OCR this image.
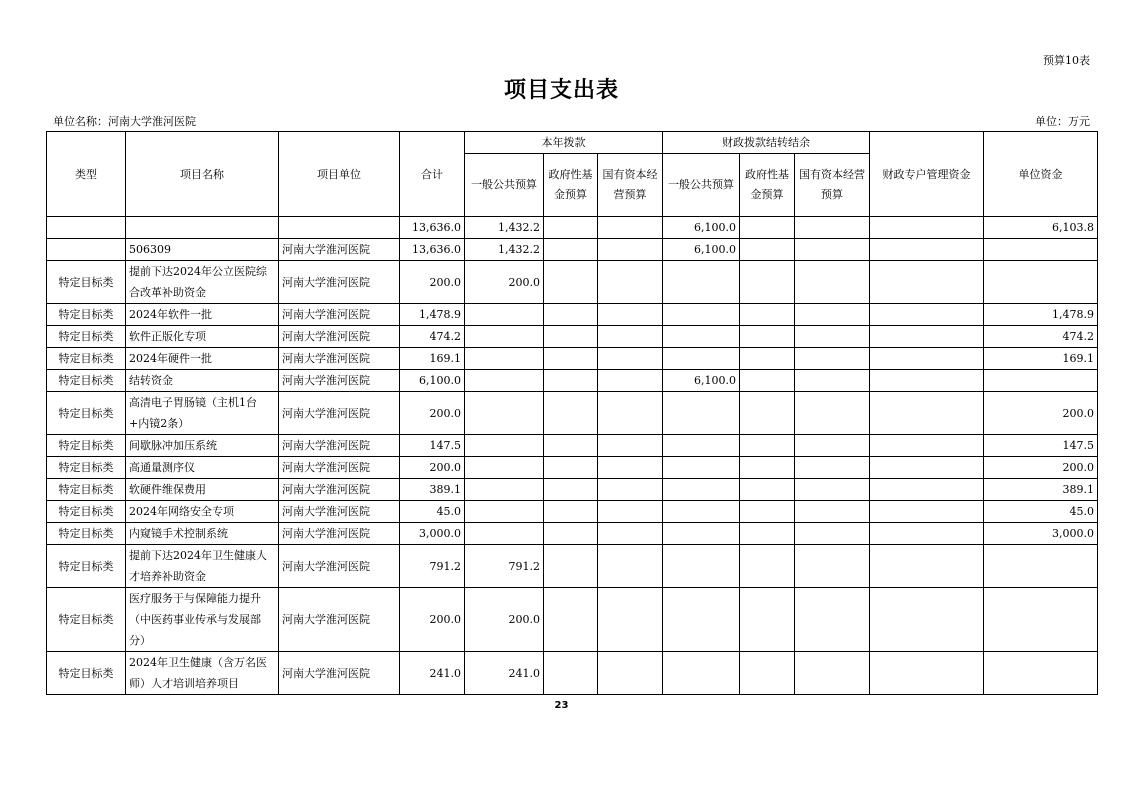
预算10表
项目支出表
单位名称：河南大学淮河医院	单位：万元
类型	项目名称	项目单位	合计	本年拨款			财政拨款结转结余			财政专户管理资金	单位资金
				一般公共预算	政府性基金预算	国有资本经营预算	一般公共预算	政府性基金预算	国有资本经营预算		
			13,636.0	1,432.2			6,100.0				6,103.8
	506309	河南大学淮河医院	13,636.0	1,432.2			6,100.0				
特定目标类	提前下达2024年公立医院综合改革补助资金	河南大学淮河医院	200.0	200.0							
特定目标类	2024年软件一批	河南大学淮河医院	1,478.9								1,478.9
特定目标类	软件正版化专项	河南大学淮河医院	474.2								474.2
特定目标类	2024年硬件一批	河南大学淮河医院	169.1								169.1
特定目标类	结转资金	河南大学淮河医院	6,100.0				6,100.0				
特定目标类	高清电子胃肠镜（主机1台+内镜2条）	河南大学淮河医院	200.0								200.0
特定目标类	间歇脉冲加压系统	河南大学淮河医院	147.5								147.5
特定目标类	高通量测序仪	河南大学淮河医院	200.0								200.0
特定目标类	软硬件维保费用	河南大学淮河医院	389.1								389.1
特定目标类	2024年网络安全专项	河南大学淮河医院	45.0								45.0
特定目标类	内窥镜手术控制系统	河南大学淮河医院	3,000.0								3,000.0
特定目标类	提前下达2024年卫生健康人才培养补助资金	河南大学淮河医院	791.2	791.2							
特定目标类	医疗服务于与保障能力提升（中医药事业传承与发展部分）	河南大学淮河医院	200.0	200.0							
特定目标类	2024年卫生健康（含万名医师）人才培训培养项目	河南大学淮河医院	241.0	241.0							
23
